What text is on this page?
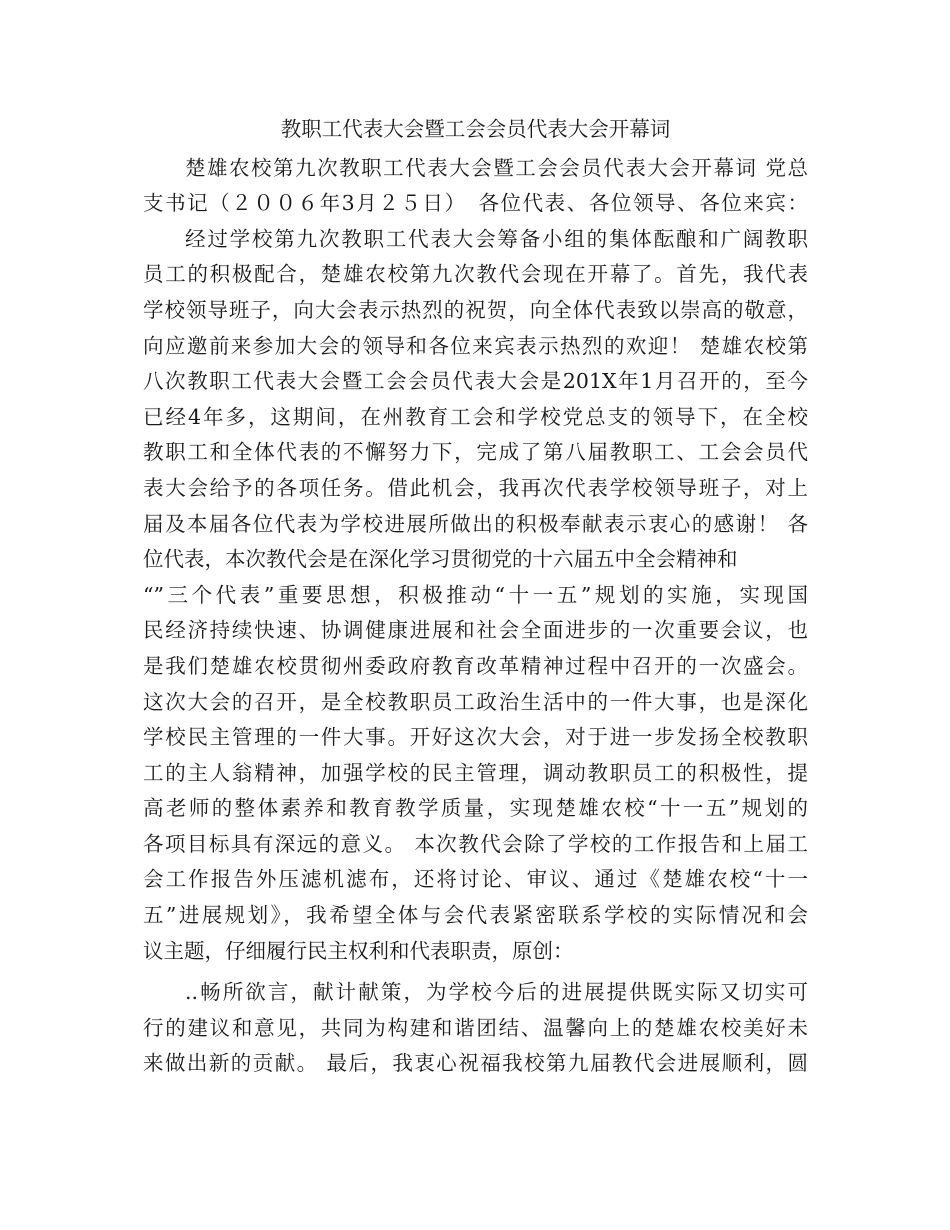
教职工代表大会暨工会会员代表大会开幕词
楚雄农校第九次教职工代表大会暨工会会员代表大会开幕词 党总
支书记（２００６年3月２５日）　各位代表、各位领导、各位来宾：
经过学校第九次教职工代表大会筹备小组的集体酝酿和广阔教职
员工的积极配合，楚雄农校第九次教代会现在开幕了。首先，我代表
学校领导班子，向大会表示热烈的祝贺，向全体代表致以崇高的敬意，
向应邀前来参加大会的领导和各位来宾表示热烈的欢迎！ 楚雄农校第
八次教职工代表大会暨工会会员代表大会是201X年1月召开的，至今
已经4年多，这期间，在州教育工会和学校党总支的领导下，在全校
教职工和全体代表的不懈努力下，完成了第八届教职工、工会会员代
表大会给予的各项任务。借此机会，我再次代表学校领导班子，对上
届及本届各位代表为学校进展所做出的积极奉献表示衷心的感谢！ 各
位代表，本次教代会是在深化学习贯彻党的十六届五中全会精神和
“”三个代表”重要思想，积极推动“十一五”规划的实施，实现国
民经济持续快速、协调健康进展和社会全面进步的一次重要会议，也
是我们楚雄农校贯彻州委政府教育改革精神过程中召开的一次盛会。
这次大会的召开，是全校教职员工政治生活中的一件大事，也是深化
学校民主管理的一件大事。开好这次大会，对于进一步发扬全校教职
工的主人翁精神，加强学校的民主管理，调动教职员工的积极性，提
高老师的整体素养和教育教学质量，实现楚雄农校“十一五”规划的
各项目标具有深远的意义。 本次教代会除了学校的工作报告和上届工
会工作报告外压滤机滤布，还将讨论、审议、通过《楚雄农校“十一
五”进展规划》，我希望全体与会代表紧密联系学校的实际情况和会
议主题，仔细履行民主权利和代表职责，原创：
..畅所欲言，献计献策，为学校今后的进展提供既实际又切实可
行的建议和意见，共同为构建和谐团结、温馨向上的楚雄农校美好未
来做出新的贡献。 最后，我衷心祝福我校第九届教代会进展顺利，圆
